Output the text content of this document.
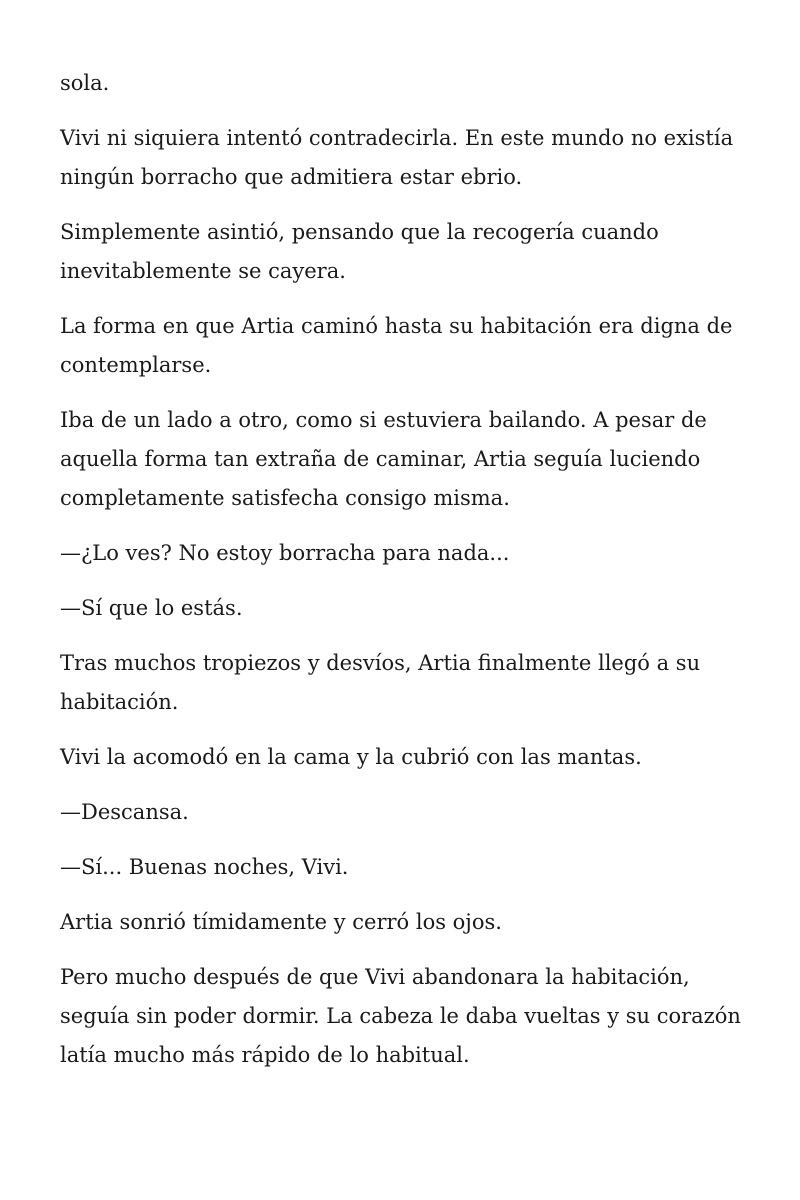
sola.

Vivi ni siquiera intentó contradecirla. En este mundo no existía ningún borracho que admitiera estar ebrio.

Simplemente asintió, pensando que la recogería cuando inevitablemente se cayera.

La forma en que Artia caminó hasta su habitación era digna de contemplarse.

Iba de un lado a otro, como si estuviera bailando. A pesar de aquella forma tan extraña de caminar, Artia seguía luciendo completamente satisfecha consigo misma.

—¿Lo ves? No estoy borracha para nada...

—Sí que lo estás.

Tras muchos tropiezos y desvíos, Artia finalmente llegó a su habitación.

Vivi la acomodó en la cama y la cubrió con las mantas.

—Descansa.

—Sí... Buenas noches, Vivi.

Artia sonrió tímidamente y cerró los ojos.

Pero mucho después de que Vivi abandonara la habitación, seguía sin poder dormir. La cabeza le daba vueltas y su corazón latía mucho más rápido de lo habitual.
